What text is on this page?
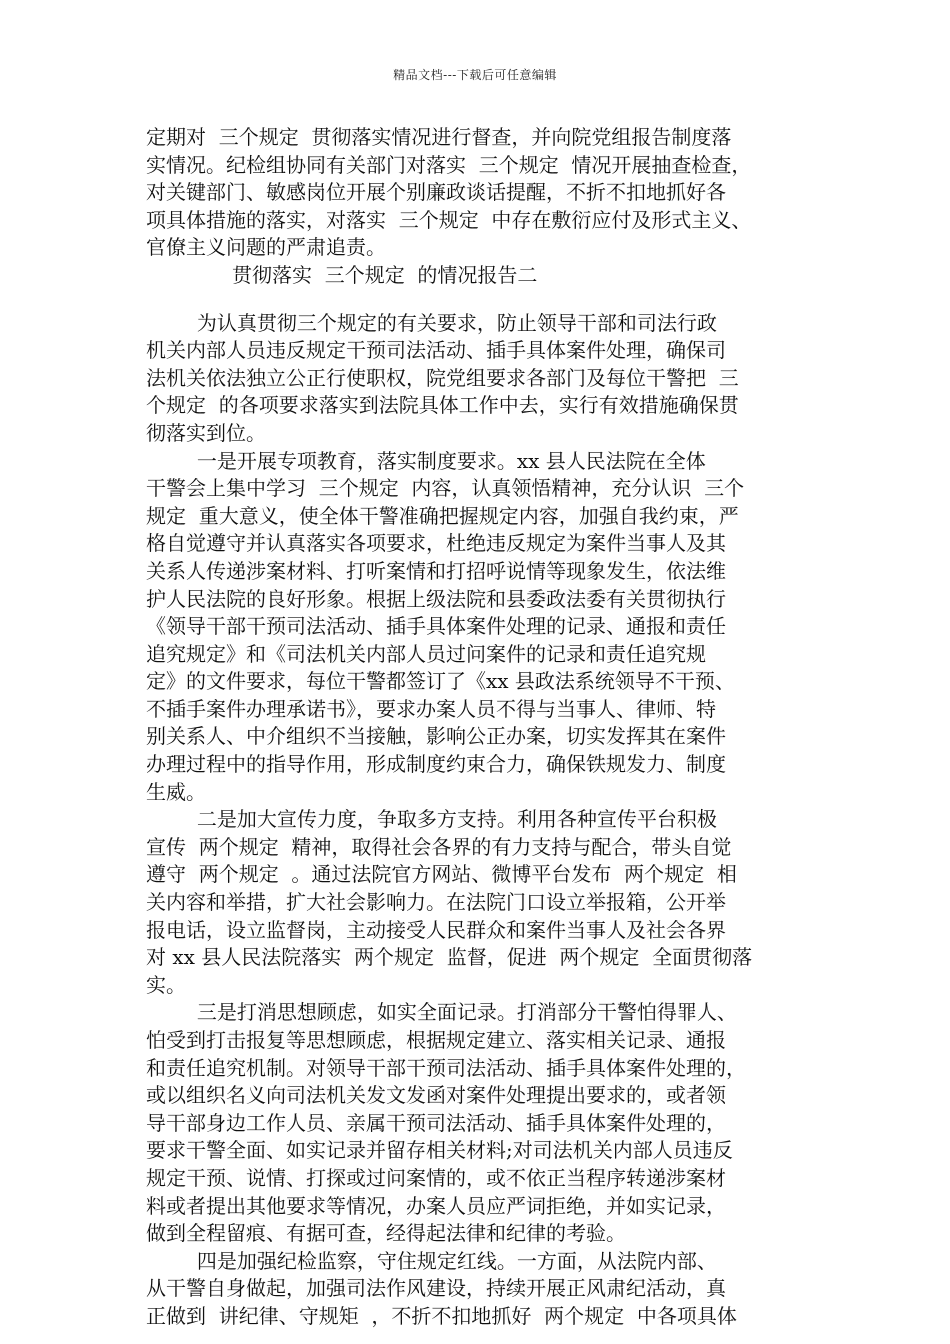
精品文档---下载后可任意编辑
定期对  三个规定  贯彻落实情况进行督查，并向院党组报告制度落
实情况。纪检组协同有关部门对落实  三个规定  情况开展抽查检查，
对关键部门、敏感岗位开展个别廉政谈话提醒，不折不扣地抓好各
项具体措施的落实，对落实  三个规定  中存在敷衍应付及形式主义、
官僚主义问题的严肃追责。
贯彻落实  三个规定  的情况报告二
为认真贯彻三个规定的有关要求，防止领导干部和司法行政
机关内部人员违反规定干预司法活动、插手具体案件处理，确保司
法机关依法独立公正行使职权，院党组要求各部门及每位干警把  三
个规定  的各项要求落实到法院具体工作中去，实行有效措施确保贯
彻落实到位。
一是开展专项教育，落实制度要求。xx 县人民法院在全体
干警会上集中学习  三个规定  内容，认真领悟精神，充分认识  三个
规定  重大意义，使全体干警准确把握规定内容，加强自我约束，严
格自觉遵守并认真落实各项要求，杜绝违反规定为案件当事人及其
关系人传递涉案材料、打听案情和打招呼说情等现象发生，依法维
护人民法院的良好形象。根据上级法院和县委政法委有关贯彻执行
《领导干部干预司法活动、插手具体案件处理的记录、通报和责任
追究规定》和《司法机关内部人员过问案件的记录和责任追究规
定》的文件要求，每位干警都签订了《xx 县政法系统领导不干预、
不插手案件办理承诺书》，要求办案人员不得与当事人、律师、特
别关系人、中介组织不当接触，影响公正办案，切实发挥其在案件
办理过程中的指导作用，形成制度约束合力，确保铁规发力、制度
生威。
二是加大宣传力度，争取多方支持。利用各种宣传平台积极
宣传  两个规定  精神，取得社会各界的有力支持与配合，带头自觉
遵守  两个规定  。通过法院官方网站、微博平台发布  两个规定  相
关内容和举措，扩大社会影响力。在法院门口设立举报箱，公开举
报电话，设立监督岗，主动接受人民群众和案件当事人及社会各界
对 xx 县人民法院落实  两个规定  监督，促进  两个规定  全面贯彻落
实。
三是打消思想顾虑，如实全面记录。打消部分干警怕得罪人、
怕受到打击报复等思想顾虑，根据规定建立、落实相关记录、通报
和责任追究机制。对领导干部干预司法活动、插手具体案件处理的，
或以组织名义向司法机关发文发函对案件处理提出要求的，或者领
导干部身边工作人员、亲属干预司法活动、插手具体案件处理的，
要求干警全面、如实记录并留存相关材料;对司法机关内部人员违反
规定干预、说情、打探或过问案情的，或不依正当程序转递涉案材
料或者提出其他要求等情况，办案人员应严词拒绝，并如实记录，
做到全程留痕、有据可查，经得起法律和纪律的考验。
四是加强纪检监察，守住规定红线。一方面，从法院内部、
从干警自身做起，加强司法作风建设，持续开展正风肃纪活动，真
正做到  讲纪律、守规矩  ，不折不扣地抓好  两个规定  中各项具体
